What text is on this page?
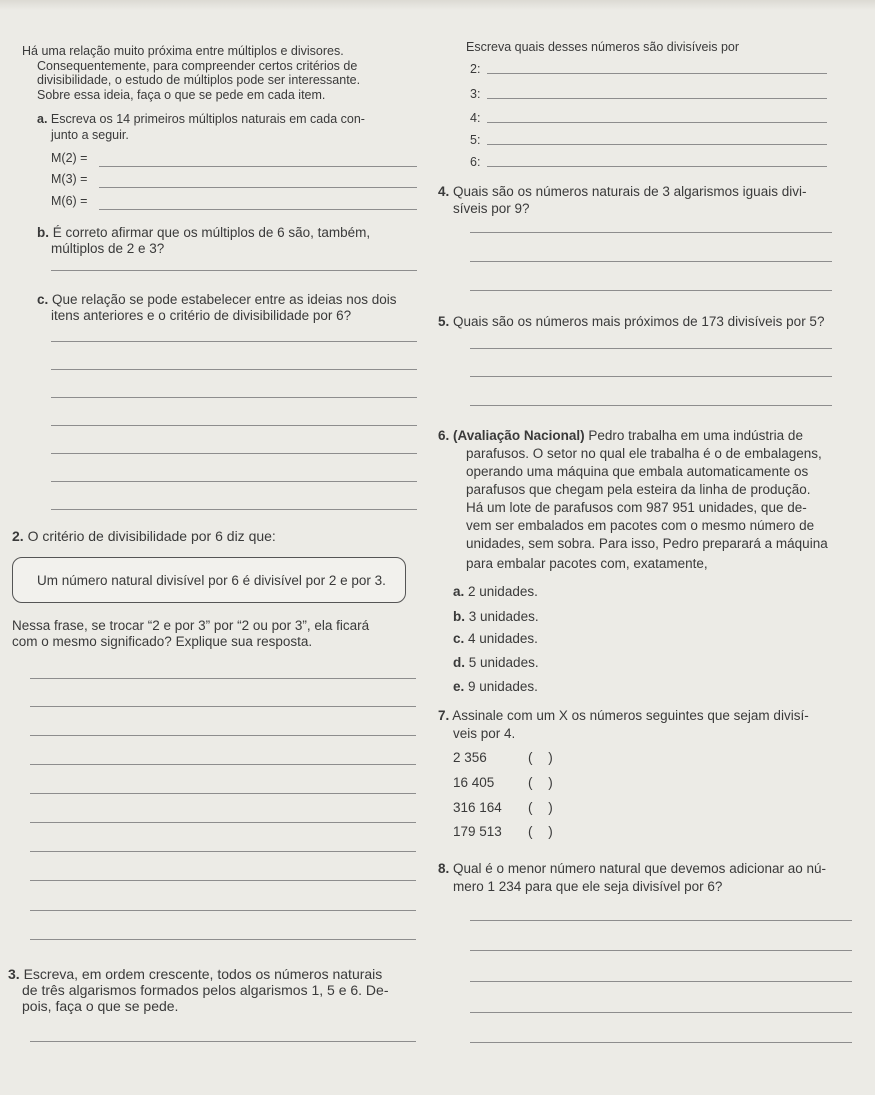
Há uma relação muito próxima entre múltiplos e divisores.
Consequentemente, para compreender certos critérios de
divisibilidade, o estudo de múltiplos pode ser interessante.
Sobre essa ideia, faça o que se pede em cada item.
a. Escreva os 14 primeiros múltiplos naturais em cada con-
junto a seguir.
M(2) =
M(3) =
M(6) =
b. É correto afirmar que os múltiplos de 6 são, também,
múltiplos de 2 e 3?
c. Que relação se pode estabelecer entre as ideias nos dois
itens anteriores e o critério de divisibilidade por 6?
2. O critério de divisibilidade por 6 diz que:
Um número natural divisível por 6 é divisível por 2 e por 3.
Nessa frase, se trocar “2 e por 3” por “2 ou por 3”, ela ficará
com o mesmo significado? Explique sua resposta.
3. Escreva, em ordem crescente, todos os números naturais
de três algarismos formados pelos algarismos 1, 5 e 6. De-
pois, faça o que se pede.
Escreva quais desses números são divisíveis por
2:
3:
4:
5:
6:
4. Quais são os números naturais de 3 algarismos iguais divi-
síveis por 9?
5. Quais são os números mais próximos de 173 divisíveis por 5?
6. (Avaliação Nacional) Pedro trabalha em uma indústria de
parafusos. O setor no qual ele trabalha é o de embalagens,
operando uma máquina que embala automaticamente os
parafusos que chegam pela esteira da linha de produção.
Há um lote de parafusos com 987 951 unidades, que de-
vem ser embalados em pacotes com o mesmo número de
unidades, sem sobra. Para isso, Pedro preparará a máquina
para embalar pacotes com, exatamente,
a. 2 unidades.
b. 3 unidades.
c. 4 unidades.
d. 5 unidades.
e. 9 unidades.
7. Assinale com um X os números seguintes que sejam divisí-
veis por 4.
2 356	( )
16 405 ( )
316 164 ( )
179 513 ( )
8. Qual é o menor número natural que devemos adicionar ao nú-
mero 1 234 para que ele seja divisível por 6?
